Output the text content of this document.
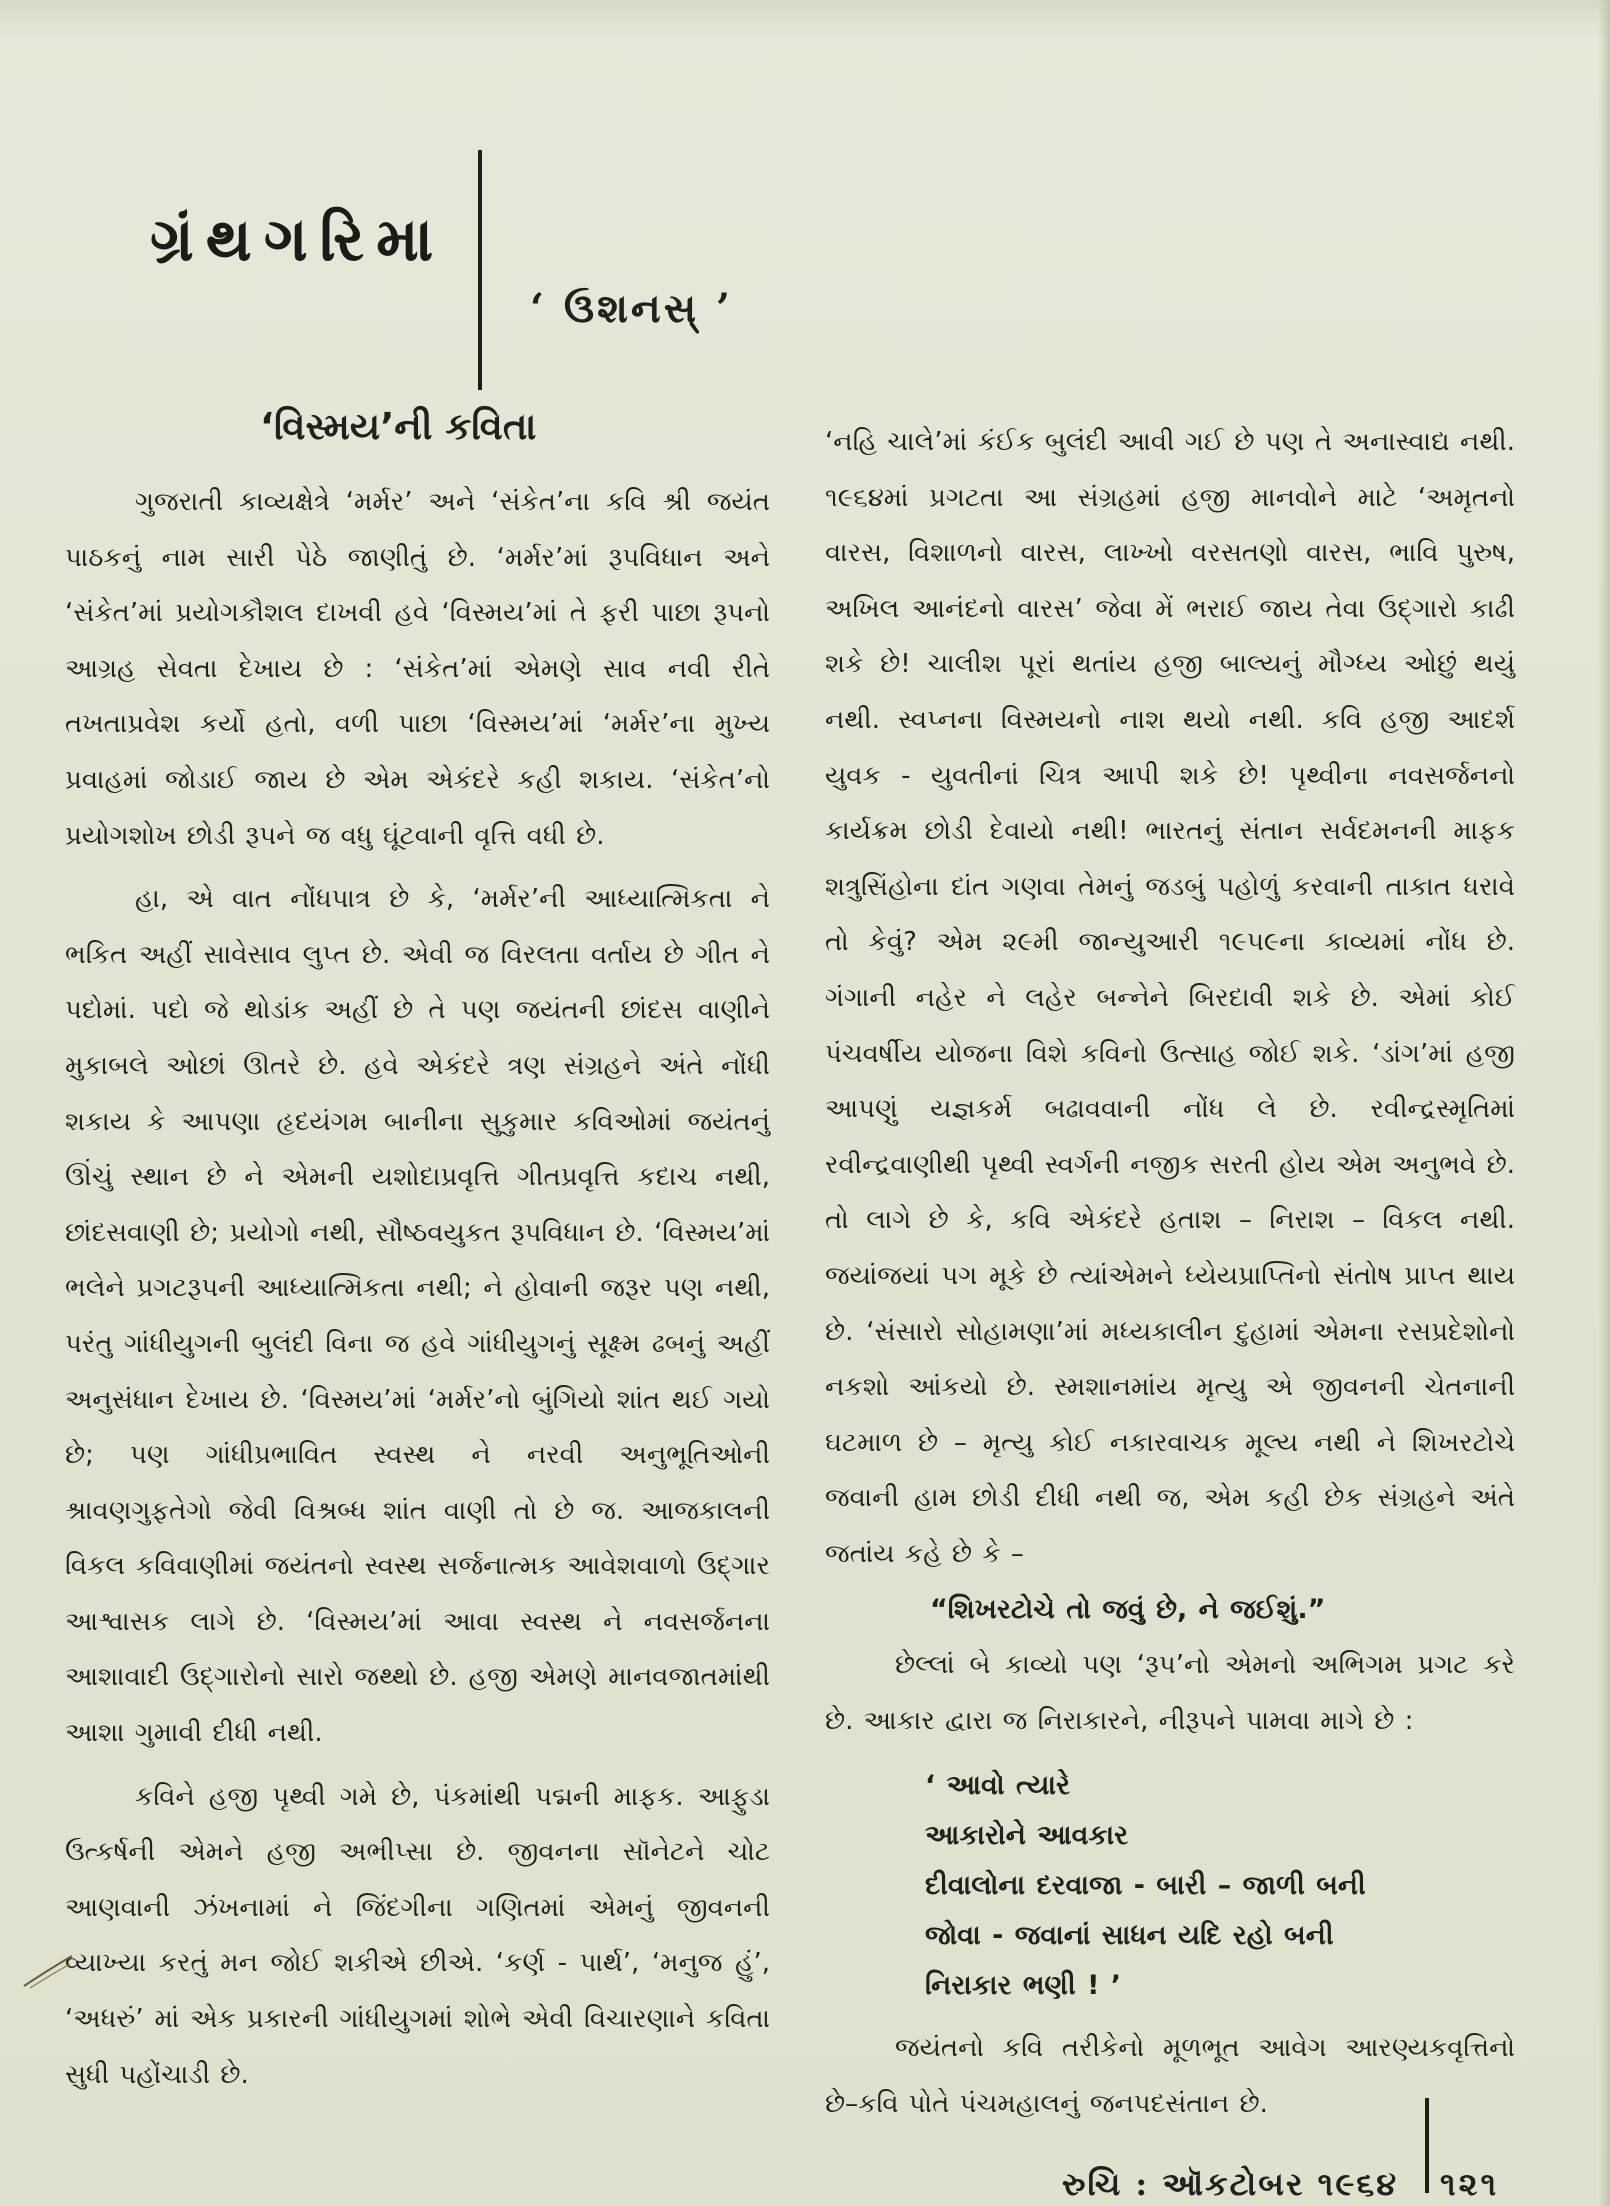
ગ્રંથગરિમા
‘ ઉશનસ્ ’
‘વિસ્મય’ની કવિતા

ગુજરાતી કાવ્યક્ષેત્રે ‘મર્મર’ અને ‘સંકેત’ના કવિ શ્રી જયંત પાઠકનું નામ સારી પેઠે જાણીતું છે. ‘મર્મર’માં રૂપવિધાન અને ‘સંકેત’માં પ્રયોગકૌશલ દાખવી હવે ‘વિસ્મય’માં તે ફરી પાછા રૂપનો આગ્રહ સેવતા દેખાય છે : ‘સંકેત’માં એમણે સાવ નવી રીતે તખતાપ્રવેશ કર્યો હતો, વળી પાછા ‘વિસ્મય’માં ‘મર્મર’ના મુખ્ય પ્રવાહમાં જોડાઈ જાય છે એમ એકંદરે કહી શકાય. ‘સંકેત’નો પ્રયોગશોખ છોડી રૂપને જ વધુ ઘૂંટવાની વૃત્તિ વધી છે.

હા, એ વાત નોંધપાત્ર છે કે, ‘મર્મર’ની આધ્યાત્મિકતા ને ભકિત અહીં સાવેસાવ લુપ્ત છે. એવી જ વિરલતા વર્તાય છે ગીત ને પદોમાં. પદો જે થોડાંક અહીં છે તે પણ જયંતની છાંદસ વાણીને મુકાબલે ઓછાં ઊતરે છે. હવે એકંદરે ત્રણ સંગ્રહને અંતે નોંધી શકાય કે આપણા હૃદયંગમ બાનીના સુકુમાર કવિઓમાં જયંતનું ઊંચું સ્થાન છે ને એમની યશોદાપ્રવૃત્તિ ગીતપ્રવૃત્તિ કદાચ નથી, છાંદસવાણી છે; પ્રયોગો નથી, સૌષ્ઠવયુકત રૂપવિધાન છે. ‘વિસ્મય’માં ભલેને પ્રગટરૂપની આધ્યાત્મિકતા નથી; ને હોવાની જરૂર પણ નથી, પરંતુ ગાંધીયુગની બુલંદી વિના જ હવે ગાંધીયુગનું સૂક્ષ્મ ઢબનું અહીં અનુસંધાન દેખાય છે. ‘વિસ્મય’માં ‘મર્મર’નો બુંગિયો શાંત થઈ ગયો છે; પણ ગાંધીપ્રભાવિત સ્વસ્થ ને નરવી અનુભૂતિઓની શ્રાવણગુફતેગો જેવી વિશ્રબ્ધ શાંત વાણી તો છે જ. આજકાલની વિકલ કવિવાણીમાં જયંતનો સ્વસ્થ સર્જનાત્મક આવેશવાળો ઉદ્ગાર આશ્વાસક લાગે છે. ‘વિસ્મય’માં આવા સ્વસ્થ ને નવસર્જનના આશાવાદી ઉદ્ગારોનો સારો જથ્થો છે. હજી એમણે માનવજાતમાંથી આશા ગુમાવી દીધી નથી.

કવિને હજી પૃથ્વી ગમે છે, પંકમાંથી પદ્મની માફક. આફુડા ઉત્કર્ષની એમને હજી અભીપ્સા છે. જીવનના સૉનેટને ચોટ આણવાની ઝંખનામાં ને જિંદગીના ગણિતમાં એમનું જીવનની વ્યાખ્યા કરતું મન જોઈ શકીએ છીએ. ‘કર્ણ - પાર્થ’, ‘મનુજ હું’, ‘અધરું’ માં એક પ્રકારની ગાંધીયુગમાં શોભે એવી વિચારણાને કવિતા સુધી પહોંચાડી છે.

‘નહિ ચાલે’માં કંઈક બુલંદી આવી ગઈ છે પણ તે અનાસ્વાદ્ય નથી. ૧૯૬૪માં પ્રગટતા આ સંગ્રહમાં હજી માનવોને માટે ‘અમૃતનો વારસ, વિશાળનો વારસ, લાખ્ખો વરસતણો વારસ, ભાવિ પુરુષ, અખિલ આનંદનો વારસ’ જેવા મેં ભરાઈ જાય તેવા ઉદ્ગારો કાઢી શકે છે! ચાલીશ પૂરાં થતાંય હજી બાલ્યનું મૌગ્ધ્ય ઓછું થયું નથી. સ્વપ્નના વિસ્મયનો નાશ થયો નથી. કવિ હજી આદર્શ યુવક - યુવતીનાં ચિત્ર આપી શકે છે! પૃથ્વીના નવસર્જનનો કાર્યક્રમ છોડી દેવાયો નથી! ભારતનું સંતાન સર્વદમનની માફક શત્રુસિંહોના દાંત ગણવા તેમનું જડબું પહોળું કરવાની તાકાત ધરાવે તો કેવું? એમ ૨૯મી જાન્યુઆરી ૧૯૫૯ના કાવ્યમાં નોંધ છે. ગંગાની નહેર ને લહેર બન્નેને બિરદાવી શકે છે. એમાં કોઈ પંચવર્ષીય યોજના વિશે કવિનો ઉત્સાહ જોઈ શકે. ‘ડાંગ’માં હજી આપણું યજ્ઞકર્મ બઢાવવાની નોંધ લે છે. રવીન્દ્રસ્મૃતિમાં રવીન્દ્રવાણીથી પૃથ્વી સ્વર્ગની નજીક સરતી હોય એમ અનુભવે છે. તો લાગે છે કે, કવિ એકંદરે હતાશ – નિરાશ – વિકલ નથી. જયાંજયાં પગ મૂકે છે ત્યાંએમને ધ્યેયપ્રાપ્તિનો સંતોષ પ્રાપ્ત થાય છે. ‘સંસારો સોહામણા’માં મધ્યકાલીન દુહામાં એમના રસપ્રદેશોનો નકશો આંકયો છે. સ્મશાનમાંય મૃત્યુ એ જીવનની ચેતનાની ઘટમાળ છે – મૃત્યુ કોઈ નકારવાચક મૂલ્ય નથી ને શિખરટોચે જવાની હામ છોડી દીધી નથી જ, એમ કહી છેક સંગ્રહને અંતે જતાંય કહે છે કે –

“શિખરટોચે તો જવું છે, ને જઈશું.”

છેલ્લાં બે કાવ્યો પણ ‘રૂપ’નો એમનો અભિગમ પ્રગટ કરે છે. આકાર દ્વારા જ નિરાકારને, નીરૂપને પામવા માગે છે :

‘ આવો ત્યારે

આકારોને આવકાર

દીવાલોના દરવાજા - બારી – જાળી બની

જોવા - જવાનાં સાધન યદિ રહો બની

નિરાકાર ભણી ! ’

જયંતનો કવિ તરીકેનો મૂળભૂત આવેગ આરણ્યકવૃત્તિનો છે–કવિ પોતે પંચમહાલનું જનપદસંતાન છે.

રુચિ : ઑકટોબર ૧૯૬૪ ૧૨૧
